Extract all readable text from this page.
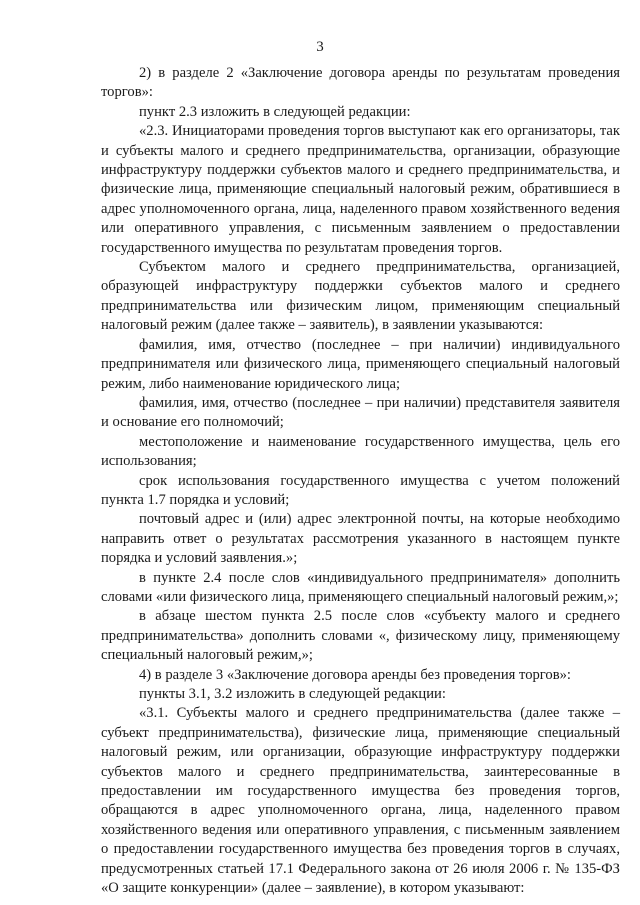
3

2) в разделе 2 «Заключение договора аренды по результатам проведения торгов»:

пункт 2.3 изложить в следующей редакции:

«2.3. Инициаторами проведения торгов выступают как его организаторы, так и субъекты малого и среднего предпринимательства, организации, образующие инфраструктуру поддержки субъектов малого и среднего предпринимательства, и физические лица, применяющие специальный налоговый режим, обратившиеся в адрес уполномоченного органа, лица, наделенного правом хозяйственного ведения или оперативного управления, с письменным заявлением о предоставлении государственного имущества по результатам проведения торгов.

Субъектом малого и среднего предпринимательства, организацией, образующей инфраструктуру поддержки субъектов малого и среднего предпринимательства или физическим лицом, применяющим специальный налоговый режим (далее также – заявитель), в заявлении указываются:

фамилия, имя, отчество (последнее – при наличии) индивидуального предпринимателя или физического лица, применяющего специальный налоговый режим, либо наименование юридического лица;

фамилия, имя, отчество (последнее – при наличии) представителя заявителя и основание его полномочий;

местоположение и наименование государственного имущества, цель его использования;

срок использования государственного имущества с учетом положений пункта 1.7 порядка и условий;

почтовый адрес и (или) адрес электронной почты, на которые необходимо направить ответ о результатах рассмотрения указанного в настоящем пункте порядка и условий заявления.»;

в пункте 2.4 после слов «индивидуального предпринимателя» дополнить словами «или физического лица, применяющего специальный налоговый режим,»;

в абзаце шестом пункта 2.5 после слов «субъекту малого и среднего предпринимательства» дополнить словами «, физическому лицу, применяющему специальный налоговый режим,»;

4) в разделе 3 «Заключение договора аренды без проведения торгов»:

пункты 3.1, 3.2 изложить в следующей редакции:

«3.1. Субъекты малого и среднего предпринимательства (далее также – субъект предпринимательства), физические лица, применяющие специальный налоговый режим, или организации, образующие инфраструктуру поддержки субъектов малого и среднего предпринимательства, заинтересованные в предоставлении им государственного имущества без проведения торгов, обращаются в адрес уполномоченного органа, лица, наделенного правом хозяйственного ведения или оперативного управления, с письменным заявлением о предоставлении государственного имущества без проведения торгов в случаях, предусмотренных статьей 17.1 Федерального закона от 26 июля 2006 г. № 135-ФЗ «О защите конкуренции» (далее – заявление), в котором указывают:
